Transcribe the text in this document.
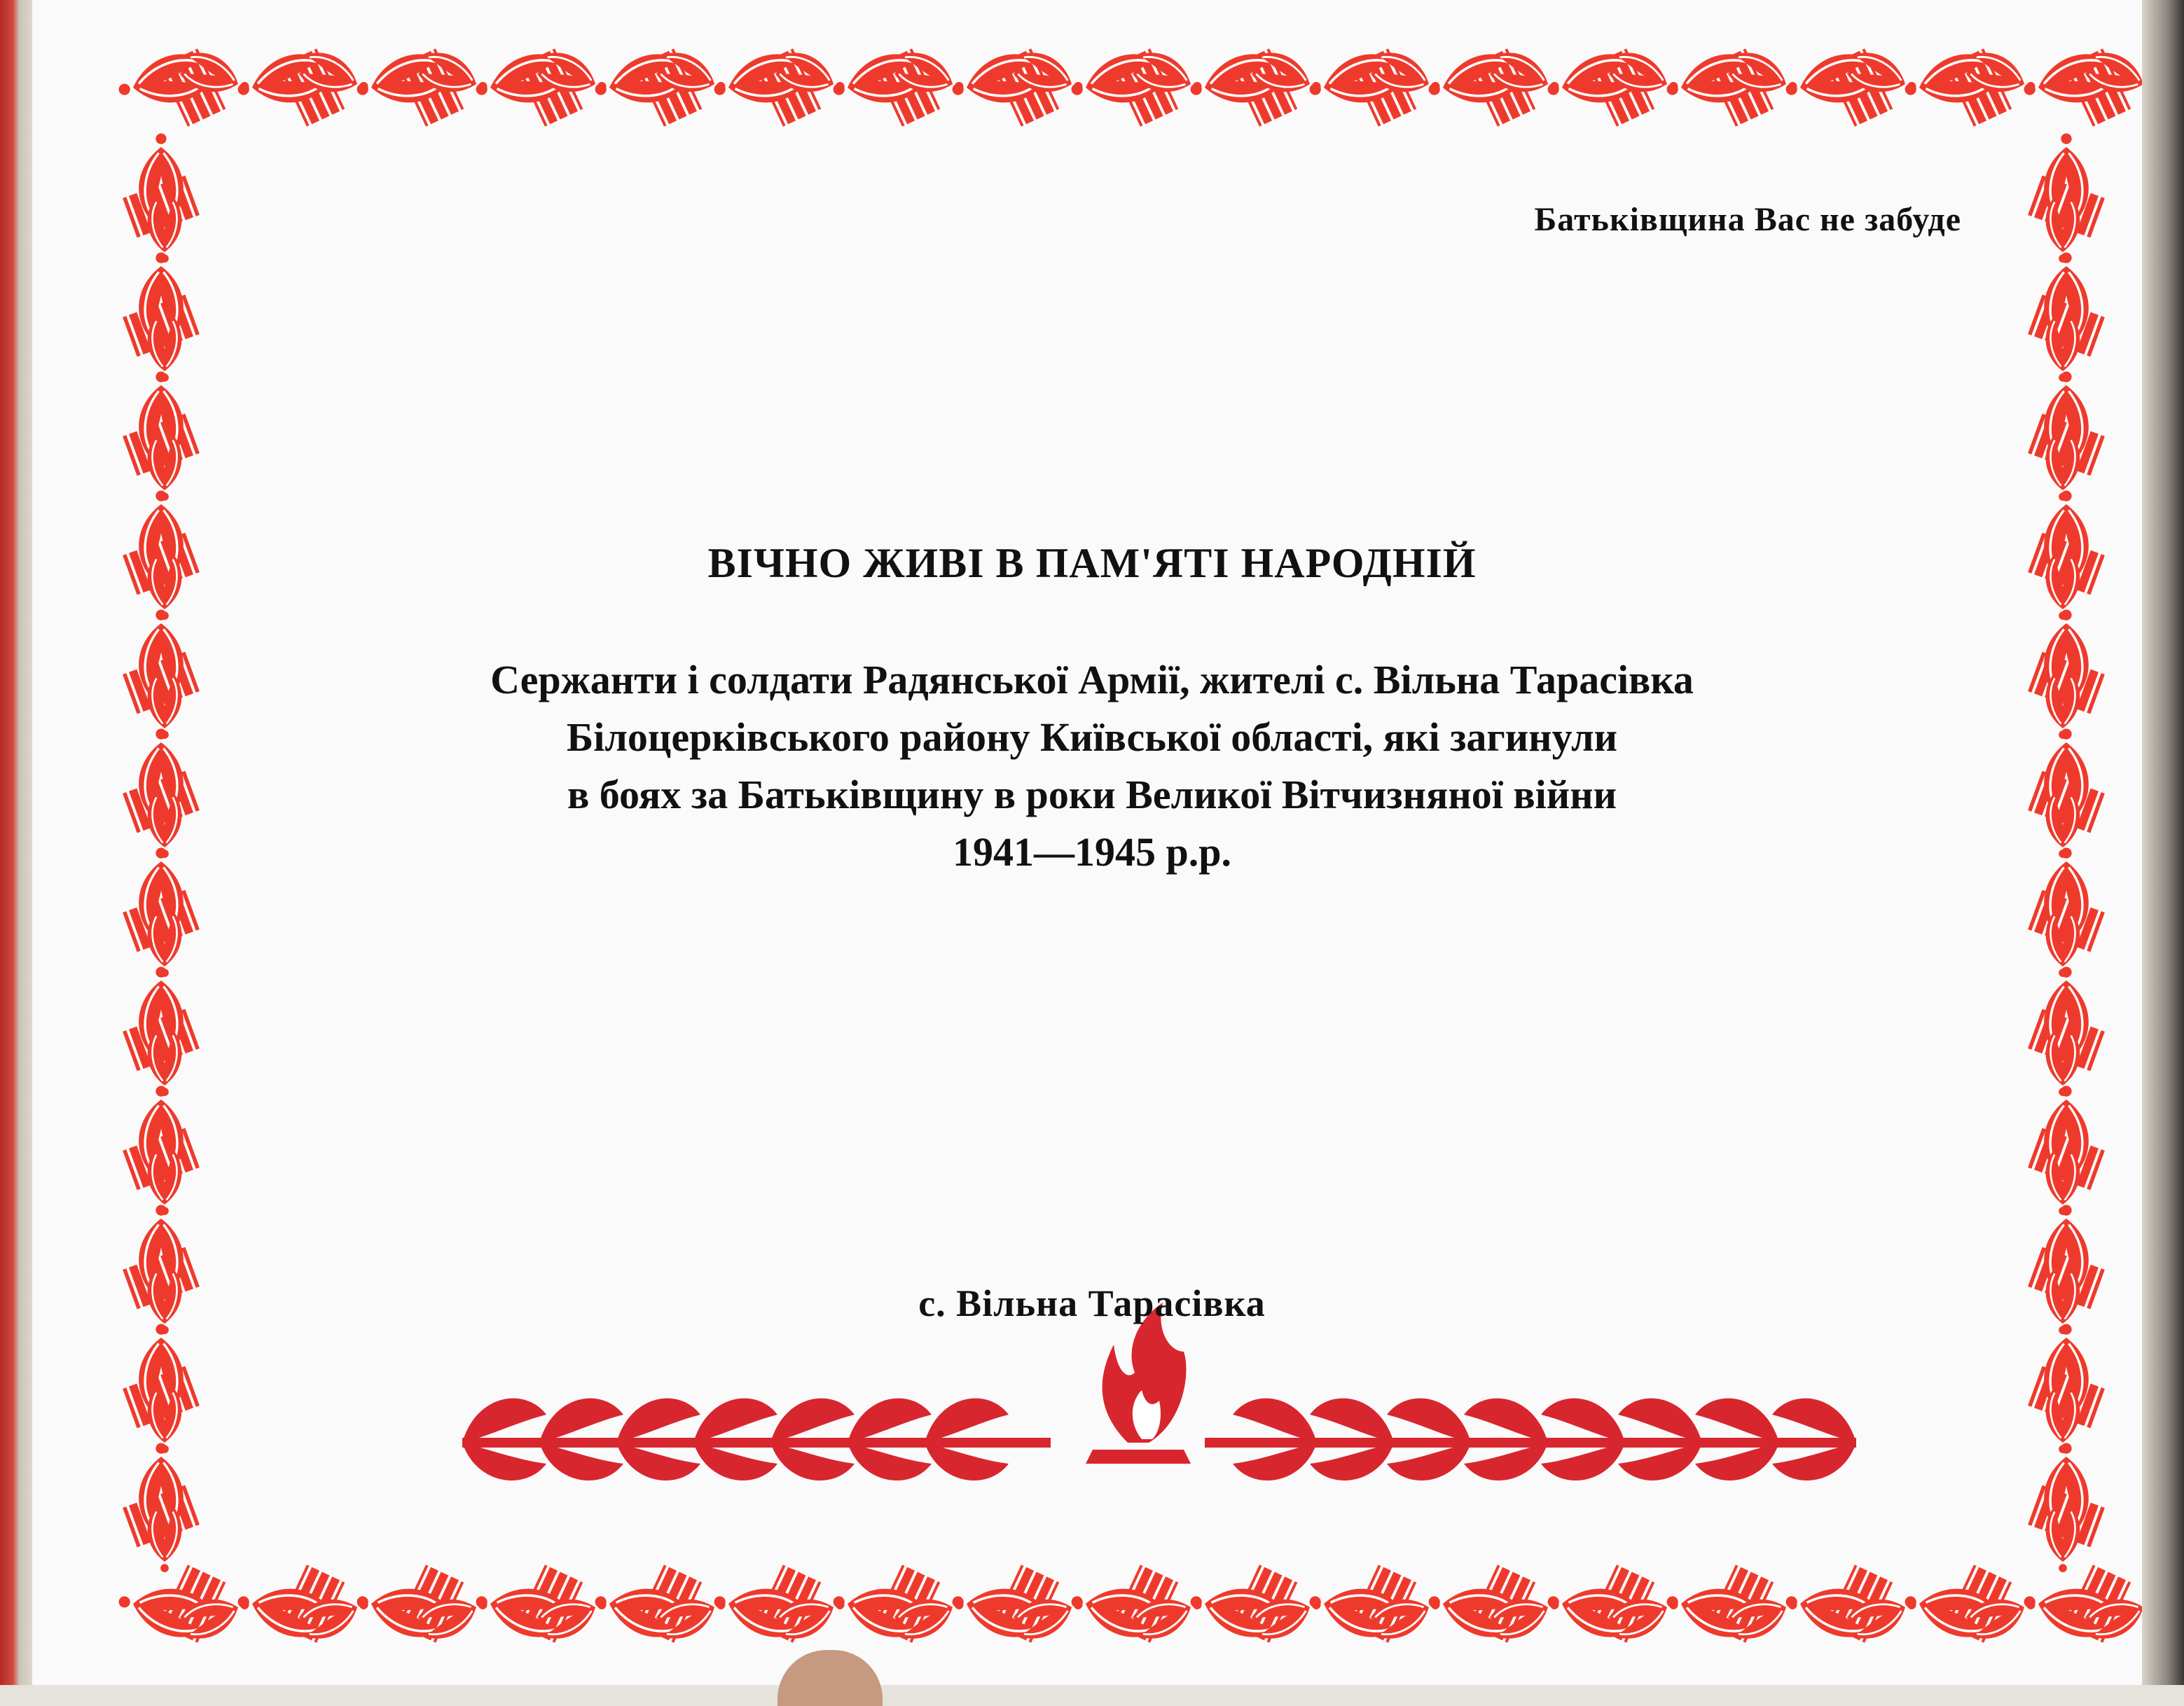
Батьківщина Вас не забуде
ВІЧНО ЖИВІ В ПАМ'ЯТІ НАРОДНІЙ
Сержанти і солдати Радянської Армії, жителі с. Вільна Тарасівка
Білоцерківського району Київської області, які загинули
в боях за Батьківщину в роки Великої Вітчизняної війни
1941—1945 р.р.
с. Вільна Тарасівка
